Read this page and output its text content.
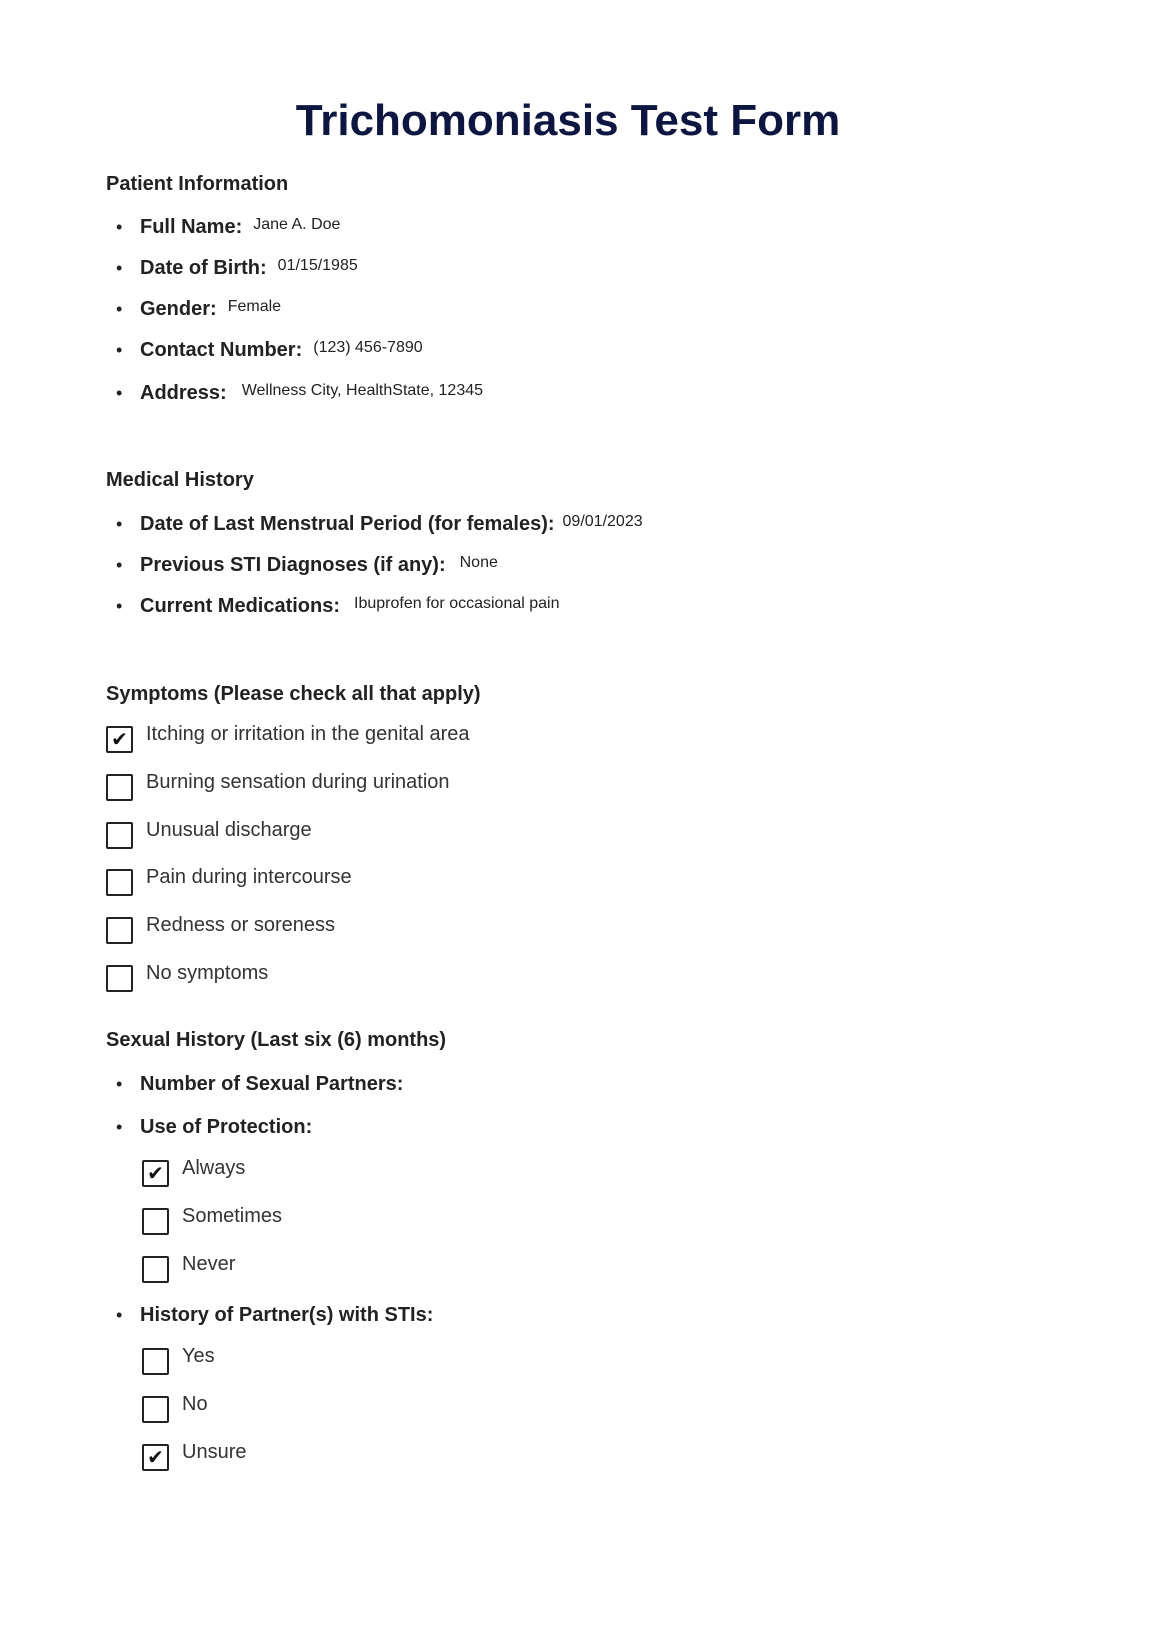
Trichomoniasis Test Form
Patient Information
• Full Name: Jane A. Doe
• Date of Birth: 01/15/1985
• Gender: Female
• Contact Number: (123) 456-7890
• Address: Wellness City, HealthState, 12345
Medical History
• Date of Last Menstrual Period (for females): 09/01/2023
• Previous STI Diagnoses (if any): None
• Current Medications: Ibuprofen for occasional pain
Symptoms (Please check all that apply)
✔ Itching or irritation in the genital area
Burning sensation during urination
Unusual discharge
Pain during intercourse
Redness or soreness
No symptoms
Sexual History (Last six (6) months)
• Number of Sexual Partners:
• Use of Protection:
✔ Always
Sometimes
Never
• History of Partner(s) with STIs:
Yes
No
✔ Unsure
